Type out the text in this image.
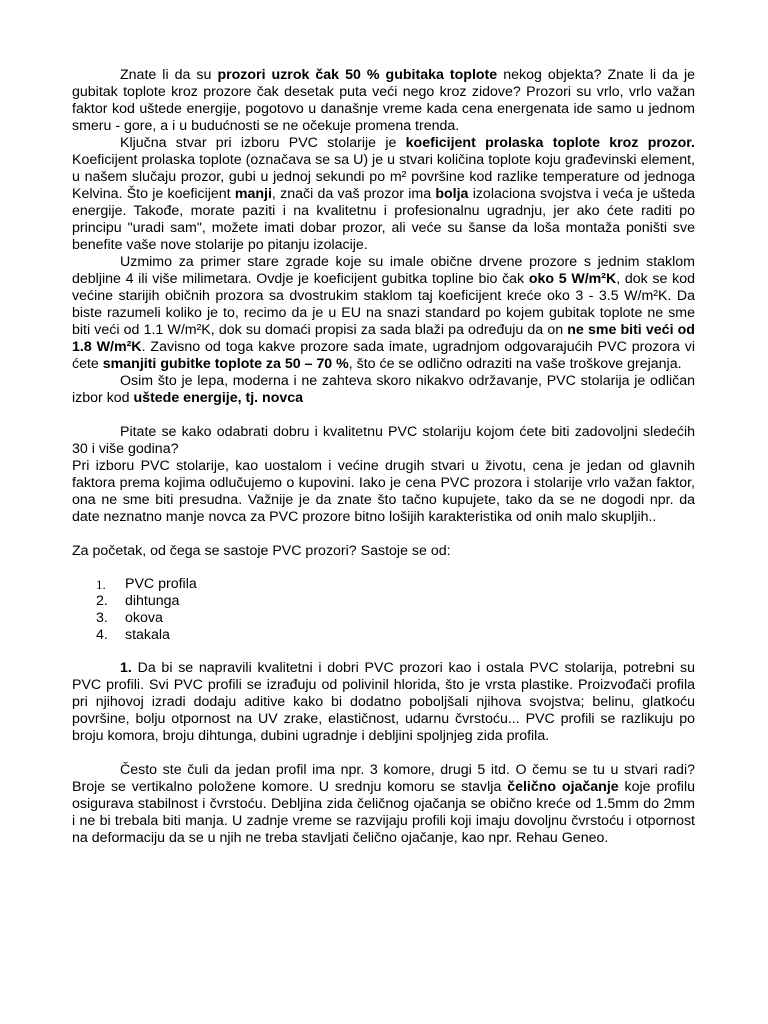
Znate li da su prozori uzrok čak 50 % gubitaka toplote nekog objekta? Znate li da je gubitak toplote kroz prozore čak desetak puta veći nego kroz zidove? Prozori su vrlo, vrlo važan faktor kod uštede energije, pogotovo u današnje vreme kada cena energenata ide samo u jednom smeru - gore, a i u budućnosti se ne očekuje promena trenda.

Ključna stvar pri izboru PVC stolarije je koeficijent prolaska toplote kroz prozor. Koeficijent prolaska toplote (označava se sa U) je u stvari količina toplote koju građevinski element, u našem slučaju prozor, gubi u jednoj sekundi po m² površine kod razlike temperature od jednoga Kelvina. Što je koeficijent manji, znači da vaš prozor ima bolja izolaciona svojstva i veća je ušteda energije. Takođe, morate paziti i na kvalitetnu i profesionalnu ugradnju, jer ako ćete raditi po principu "uradi sam", možete imati dobar prozor, ali veće su šanse da loša montaža poništi sve benefite vaše nove stolarije po pitanju izolacije.

Uzmimo za primer stare zgrade koje su imale obične drvene prozore s jednim staklom debljine 4 ili više milimetara. Ovdje je koeficijent gubitka topline bio čak oko 5 W/m²K, dok se kod većine starijih običnih prozora sa dvostrukim staklom taj koeficijent kreće oko 3 - 3.5 W/m²K. Da biste razumeli koliko je to, recimo da je u EU na snazi standard po kojem gubitak toplote ne sme biti veći od 1.1 W/m²K, dok su domaći propisi za sada blaži pa određuju da on ne sme biti veći od 1.8 W/m²K. Zavisno od toga kakve prozore sada imate, ugradnjom odgovarajućih PVC prozora vi ćete smanjiti gubitke toplote za 50 – 70 %, što će se odlično odraziti na vaše troškove grejanja.

Osim što je lepa, moderna i ne zahteva skoro nikakvo održavanje, PVC stolarija je odličan izbor kod uštede energije, tj. novca

Pitate se kako odabrati dobru i kvalitetnu PVC stolariju kojom ćete biti zadovoljni sledećih 30 i više godina?

Pri izboru PVC stolarije, kao uostalom i većine drugih stvari u životu, cena je jedan od glavnih faktora prema kojima odlučujemo o kupovini. Iako je cena PVC prozora i stolarije vrlo važan faktor, ona ne sme biti presudna. Važnije je da znate što tačno kupujete, tako da se ne dogodi npr. da date neznatno manje novca za PVC prozore bitno lošijih karakteristika od onih malo skupljih..

Za početak, od čega se sastoje PVC prozori? Sastoje se od:

1.	PVC profila
2.	dihtunga
3.	okova
4.	stakala

1. Da bi se napravili kvalitetni i dobri PVC prozori kao i ostala PVC stolarija, potrebni su PVC profili. Svi PVC profili se izrađuju od polivinil hlorida, što je vrsta plastike. Proizvođači profila pri njihovoj izradi dodaju aditive kako bi dodatno poboljšali njihova svojstva; belinu, glatkoću površine, bolju otpornost na UV zrake, elastičnost, udarnu čvrstoću... PVC profili se razlikuju po broju komora, broju dihtunga, dubini ugradnje i debljini spoljnjeg zida profila.

Često ste čuli da jedan profil ima npr. 3 komore, drugi 5 itd. O čemu se tu u stvari radi? Broje se vertikalno položene komore. U srednju komoru se stavlja čelično ojačanje koje profilu osigurava stabilnost i čvrstoću. Debljina zida čeličnog ojačanja se obično kreće od 1.5mm do 2mm i ne bi trebala biti manja. U zadnje vreme se razvijaju profili koji imaju dovoljnu čvrstoću i otpornost na deformaciju da se u njih ne treba stavljati čelično ojačanje, kao npr. Rehau Geneo.
